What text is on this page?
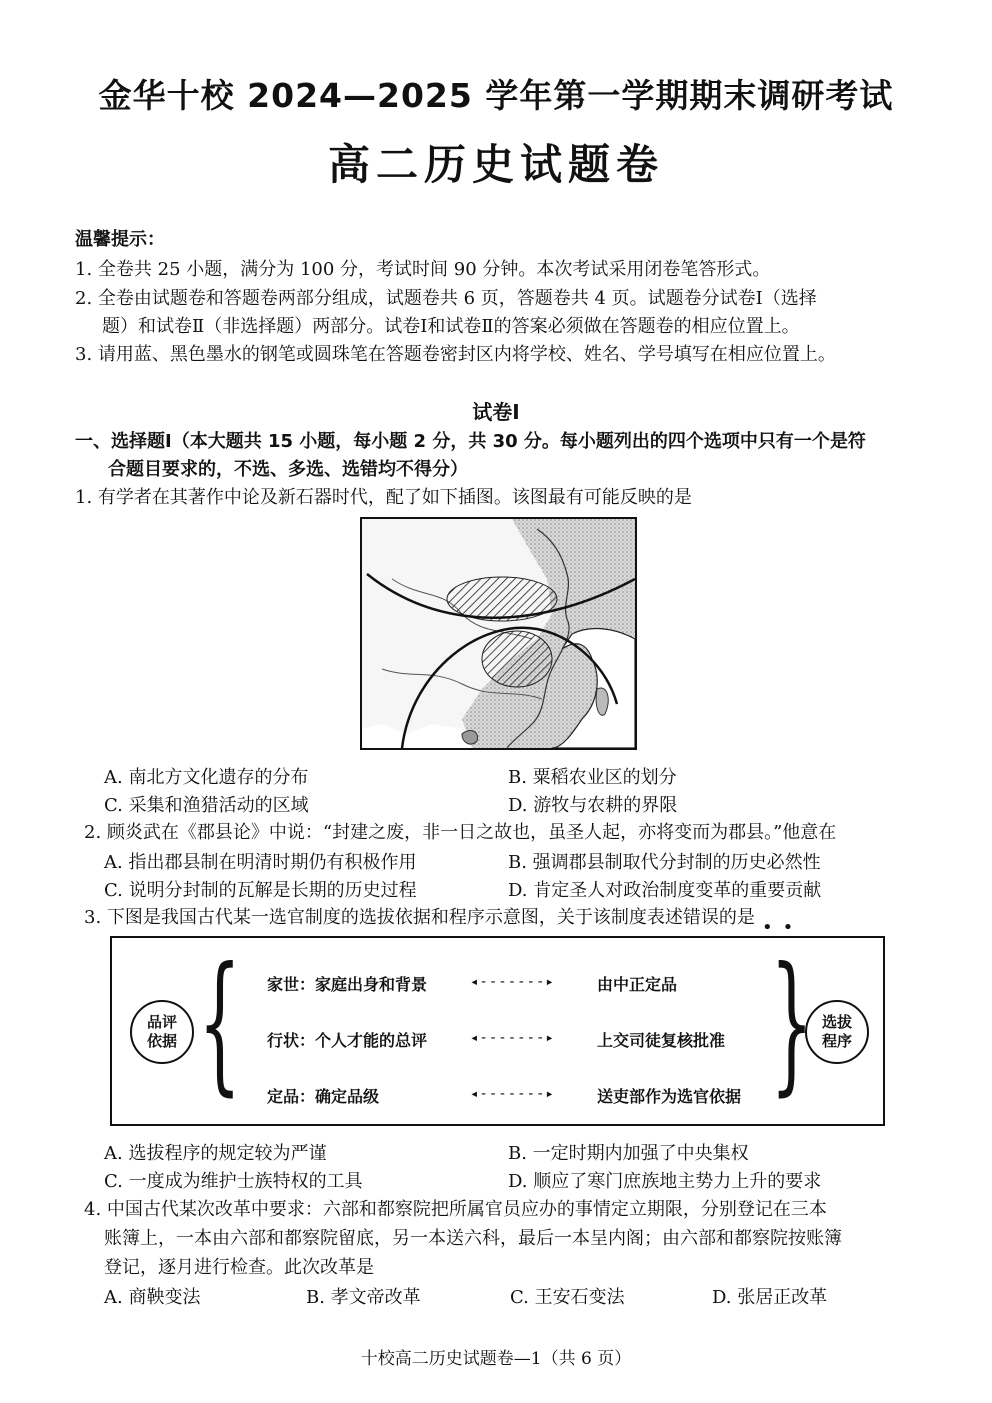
金华十校 2024—2025 学年第一学期期末调研考试
高二历史试题卷
温馨提示：
1. 全卷共 25 小题，满分为 100 分，考试时间 90 分钟。本次考试采用闭卷笔答形式。
2. 全卷由试题卷和答题卷两部分组成，试题卷共 6 页，答题卷共 4 页。试题卷分试卷Ⅰ（选择
题）和试卷Ⅱ（非选择题）两部分。试卷Ⅰ和试卷Ⅱ的答案必须做在答题卷的相应位置上。
3. 请用蓝、黑色墨水的钢笔或圆珠笔在答题卷密封区内将学校、姓名、学号填写在相应位置上。
试卷Ⅰ
一、选择题Ⅰ（本大题共 15 小题，每小题 2 分，共 30 分。每小题列出的四个选项中只有一个是符
合题目要求的，不选、多选、选错均不得分）
1. 有学者在其著作中论及新石器时代，配了如下插图。该图最有可能反映的是
A. 南北方文化遗存的分布	B. 粟稻农业区的划分
C. 采集和渔猎活动的区域	D. 游牧与农耕的界限
2. 顾炎武在《郡县论》中说：“封建之废，非一日之故也，虽圣人起，亦将变而为郡县。”他意在
A. 指出郡县制在明清时期仍有积极作用	B. 强调郡县制取代分封制的历史必然性
C. 说明分封制的瓦解是长期的历史过程	D. 肯定圣人对政治制度变革的重要贡献
3. 下图是我国古代某一选官制度的选拔依据和程序示意图，关于该制度表述错误的是 ••
品评依据 { 家世：家庭出身和背景	◂-------▸	由中正定品
行状：个人才能的总评	◂-------▸	上交司徒复核批准
定品：确定品级	◂-------▸	送吏部作为选官依据 } 选拔程序
A. 选拔程序的规定较为严谨	B. 一定时期内加强了中央集权
C. 一度成为维护士族特权的工具	D. 顺应了寒门庶族地主势力上升的要求
4. 中国古代某次改革中要求：六部和都察院把所属官员应办的事情定立期限，分别登记在三本
账簿上，一本由六部和都察院留底，另一本送六科，最后一本呈内阁；由六部和都察院按账簿
登记，逐月进行检查。此次改革是
A. 商鞅变法	B. 孝文帝改革	C. 王安石变法	D. 张居正改革
十校高二历史试题卷—1（共 6 页）
